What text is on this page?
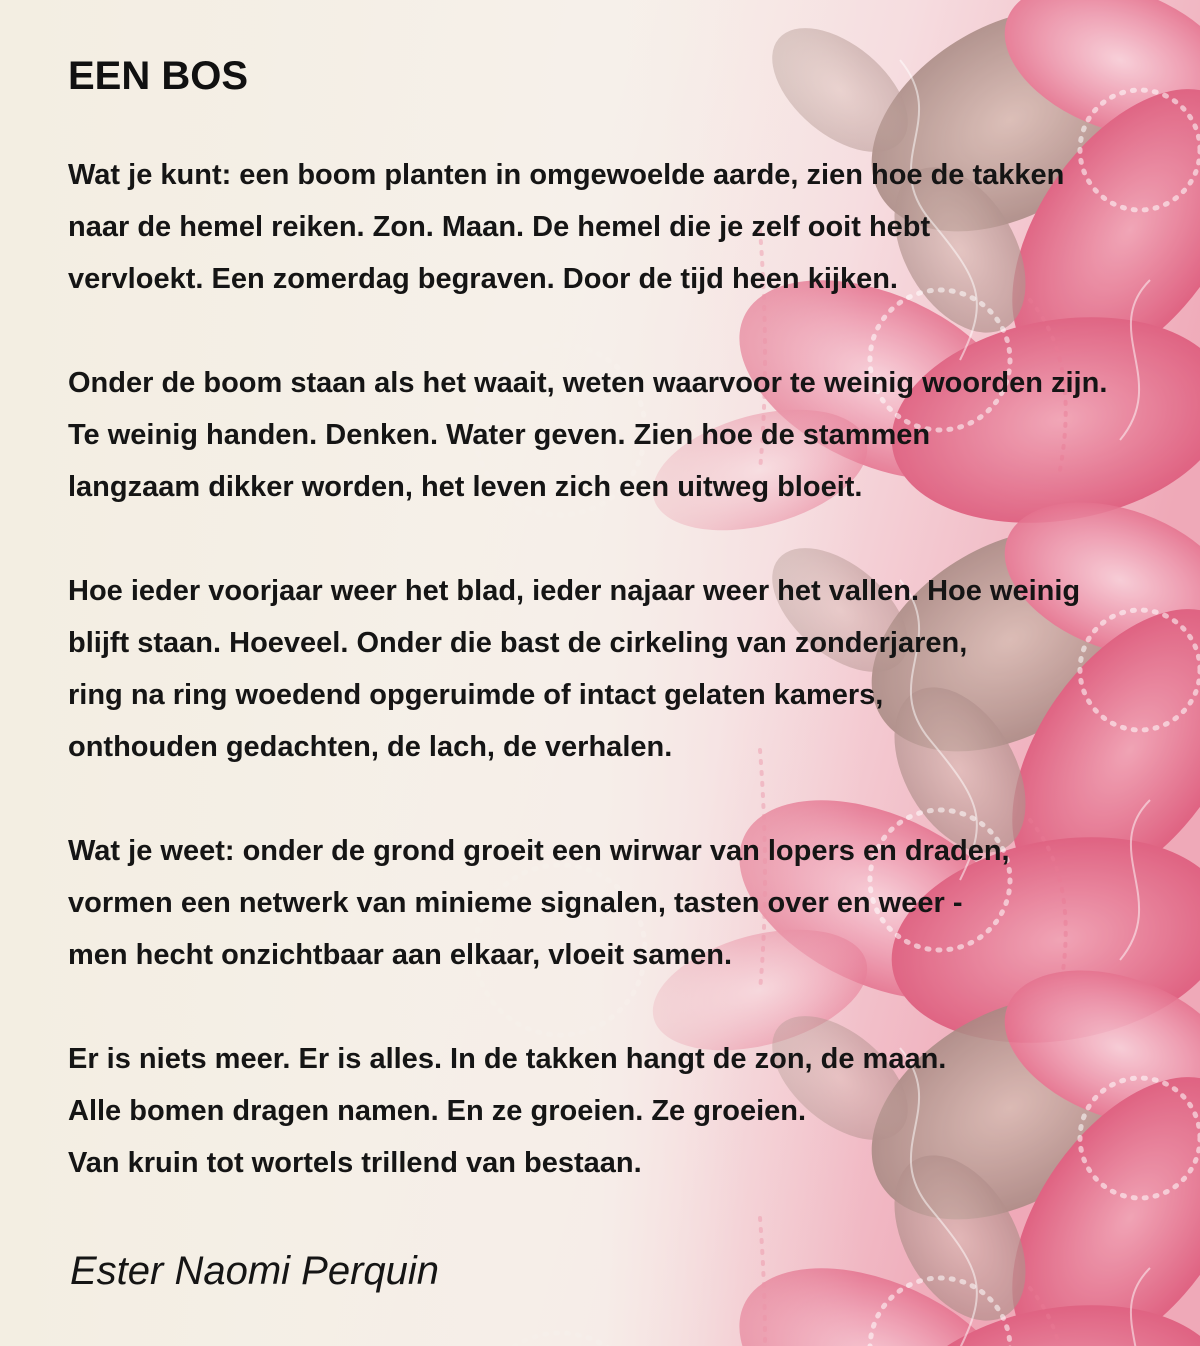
EEN BOS

Wat je kunt: een boom planten in omgewoelde aarde, zien hoe de takken

naar de hemel reiken. Zon. Maan. De hemel die je zelf ooit hebt

vervloekt. Een zomerdag begraven. Door de tijd heen kijken.

Onder de boom staan als het waait, weten waarvoor te weinig woorden zijn.

Te weinig handen. Denken. Water geven. Zien hoe de stammen

langzaam dikker worden, het leven zich een uitweg bloeit.

Hoe ieder voorjaar weer het blad, ieder najaar weer het vallen. Hoe weinig

blijft staan. Hoeveel. Onder die bast de cirkeling van zonderjaren,

ring na ring woedend opgeruimde of intact gelaten kamers,

onthouden gedachten, de lach, de verhalen.

Wat je weet: onder de grond groeit een wirwar van lopers en draden,

vormen een netwerk van minieme signalen, tasten over en weer -

men hecht onzichtbaar aan elkaar, vloeit samen.

Er is niets meer. Er is alles. In de takken hangt de zon, de maan.

Alle bomen dragen namen. En ze groeien. Ze groeien.

Van kruin tot wortels trillend van bestaan.

Ester Naomi Perquin
